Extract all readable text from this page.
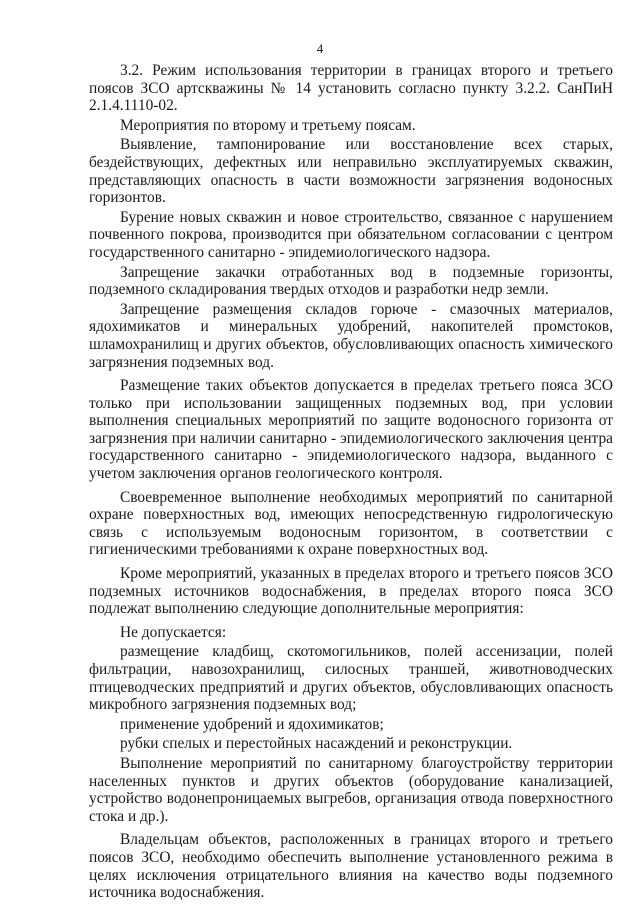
4

3.2. Режим использования территории в границах второго и третьего поясов ЗСО артскважины № 14 установить согласно пункту 3.2.2. СанПиН 2.1.4.1110-02.

Мероприятия по второму и третьему поясам.

Выявление, тампонирование или восстановление всех старых, бездействующих, дефектных или неправильно эксплуатируемых скважин, представляющих опасность в части возможности загрязнения водоносных горизонтов.

Бурение новых скважин и новое строительство, связанное с нарушением почвенного покрова, производится при обязательном согласовании с центром государственного санитарно - эпидемиологического надзора.

Запрещение закачки отработанных вод в подземные горизонты, подземного складирования твердых отходов и разработки недр земли.

Запрещение размещения складов горюче - смазочных материалов, ядохимикатов и минеральных удобрений, накопителей промстоков, шламохранилищ и других объектов, обусловливающих опасность химического загрязнения подземных вод.

Размещение таких объектов допускается в пределах третьего пояса ЗСО только при использовании защищенных подземных вод, при условии выполнения специальных мероприятий по защите водоносного горизонта от загрязнения при наличии санитарно - эпидемиологического заключения центра государственного санитарно - эпидемиологического надзора, выданного с учетом заключения органов геологического контроля.

Своевременное выполнение необходимых мероприятий по санитарной охране поверхностных вод, имеющих непосредственную гидрологическую связь с используемым водоносным горизонтом, в соответствии с гигиеническими требованиями к охране поверхностных вод.

Кроме мероприятий, указанных в пределах второго и третьего поясов ЗСО подземных источников водоснабжения, в пределах второго пояса ЗСО подлежат выполнению следующие дополнительные мероприятия:

Не допускается:

размещение кладбищ, скотомогильников, полей ассенизации, полей фильтрации, навозохранилищ, силосных траншей, животноводческих птицеводческих предприятий и других объектов, обусловливающих опасность микробного загрязнения подземных вод;

применение удобрений и ядохимикатов;

рубки спелых и перестойных насаждений и реконструкции.

Выполнение мероприятий по санитарному благоустройству территории населенных пунктов и других объектов (оборудование канализацией, устройство водонепроницаемых выгребов, организация отвода поверхностного стока и др.).

Владельцам объектов, расположенных в границах второго и третьего поясов ЗСО, необходимо обеспечить выполнение установленного режима в целях исключения отрицательного влияния на качество воды подземного источника водоснабжения.
